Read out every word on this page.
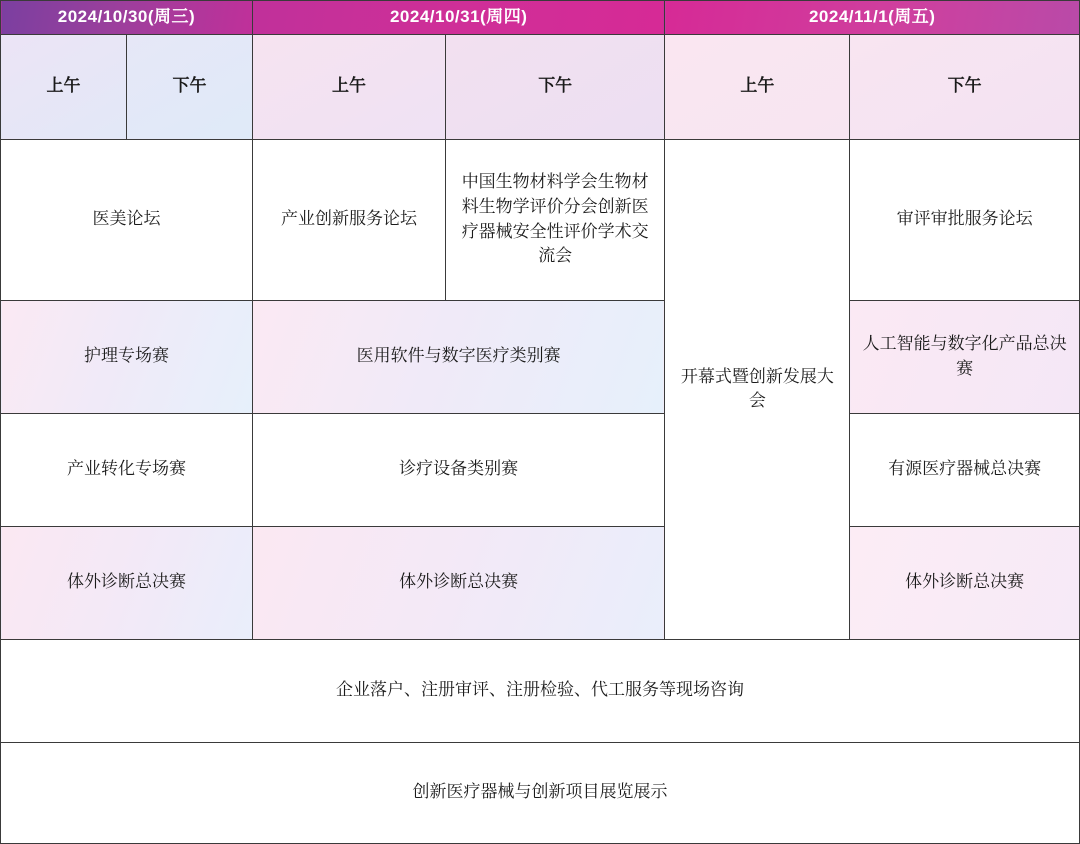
2024/10/30(周三)		2024/10/31(周四)		2024/11/1(周五)	
上午	下午	上午	下午	上午	下午
医美论坛		产业创新服务论坛	中国生物材料学会生物材料生物学评价分会创新医疗器械安全性评价学术交流会	开幕式暨创新发展大会	审评审批服务论坛
护理专场赛		医用软件与数字医疗类别赛			人工智能与数字化产品总决赛
产业转化专场赛		诊疗设备类别赛			有源医疗器械总决赛
体外诊断总决赛		体外诊断总决赛			体外诊断总决赛
企业落户、注册审评、注册检验、代工服务等现场咨询					
创新医疗器械与创新项目展览展示					
